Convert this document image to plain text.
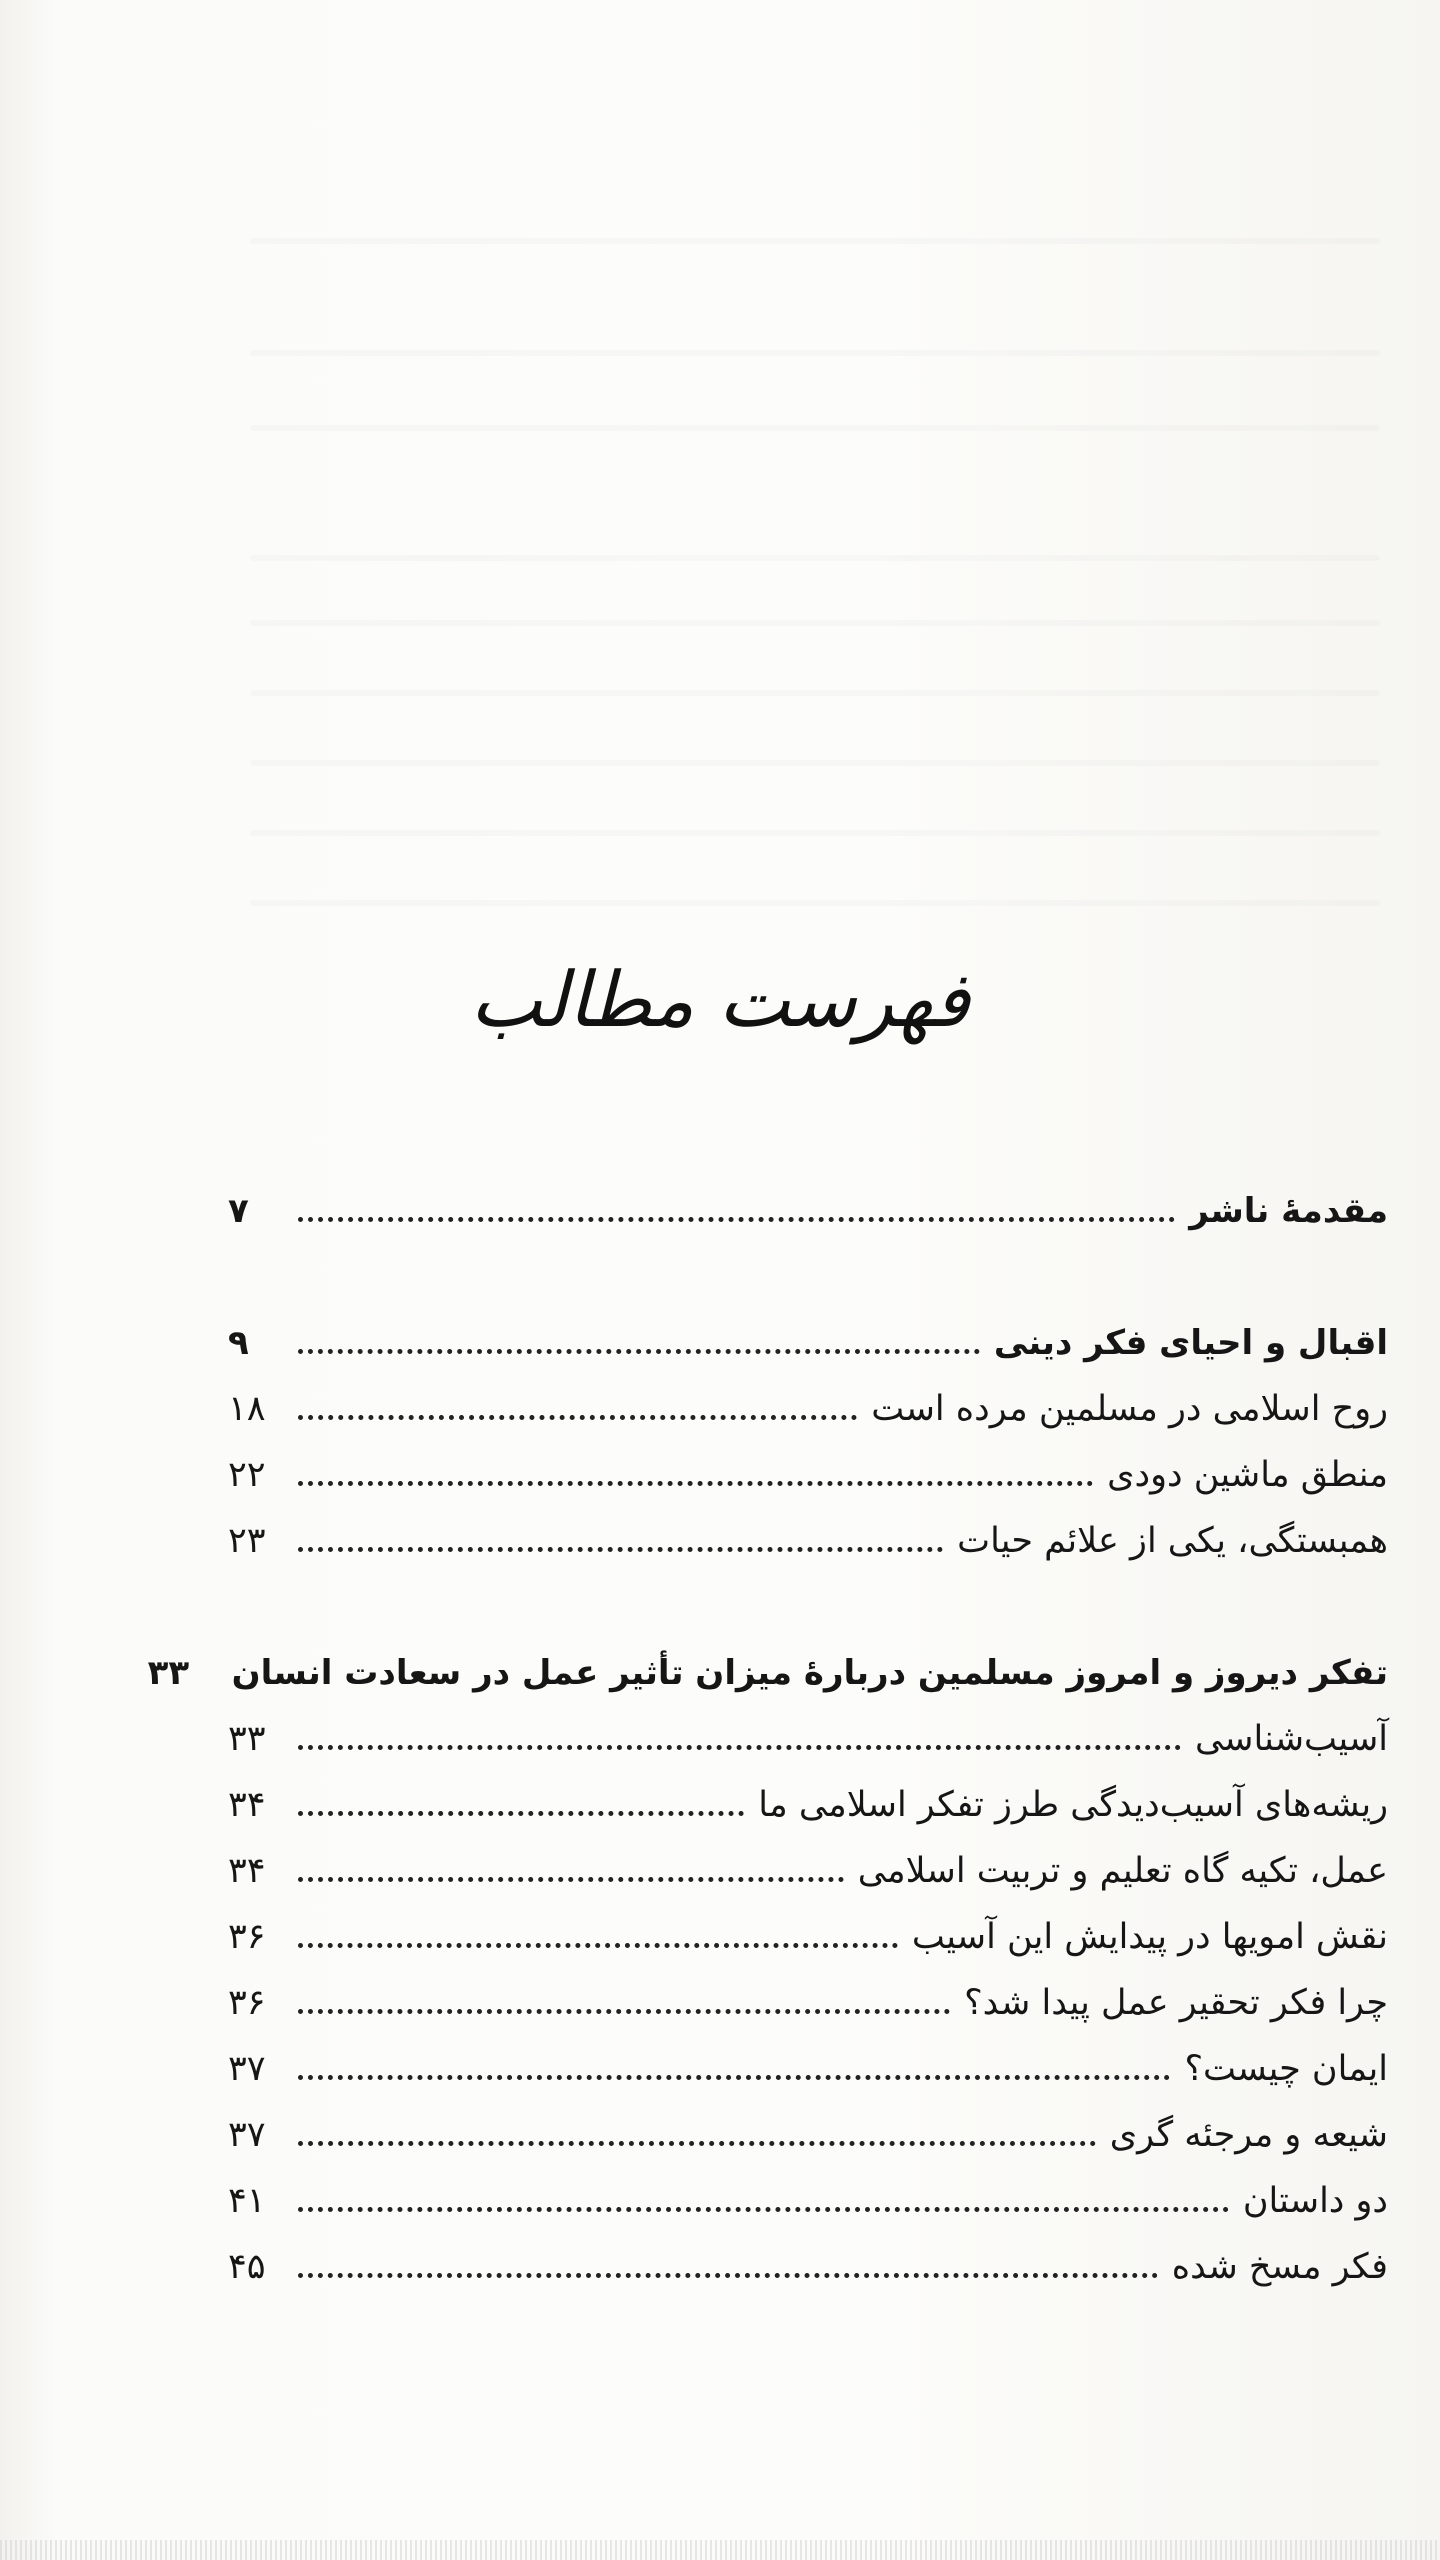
فهرست مطالب
مقدمۀ ناشر
۷
اقبال و احیای فکر دینی
۹
روح اسلامی در مسلمین مرده است
۱۸
منطق ماشین دودی
۲۲
همبستگی، یکی از علائم حیات
۲۳
تفکر دیروز و امروز مسلمین دربارۀ میزان تأثیر عمل در سعادت انسان
۳۳
آسیب‌شناسی
۳۳
ریشه‌های آسیب‌دیدگی طرز تفکر اسلامی ما
۳۴
عمل، تکیه گاه تعلیم و تربیت اسلامی
۳۴
نقش امویها در پیدایش این آسیب
۳۶
چرا فکر تحقیر عمل پیدا شد؟
۳۶
ایمان چیست؟
۳۷
شیعه و مرجئه گری
۳۷
دو داستان
۴۱
فکر مسخ شده
۴۵
